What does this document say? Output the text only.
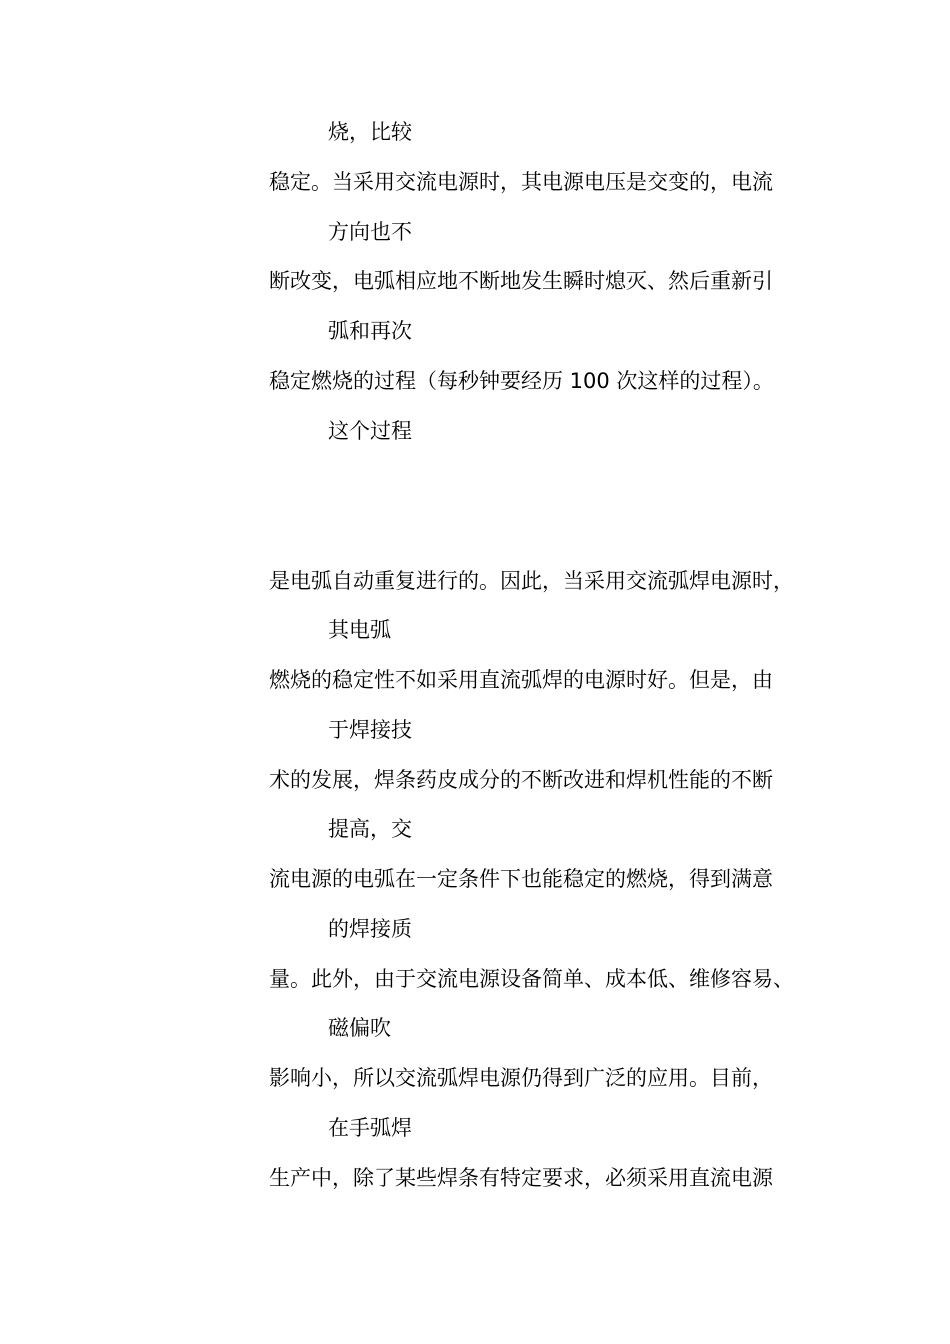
烧，比较
稳定。当采用交流电源时，其电源电压是交变的，电流
方向也不
断改变，电弧相应地不断地发生瞬时熄灭、然后重新引
弧和再次
稳定燃烧的过程（每秒钟要经历 100 次这样的过程）。
这个过程
是电弧自动重复进行的。因此，当采用交流弧焊电源时，
其电弧
燃烧的稳定性不如采用直流弧焊的电源时好。但是，由
于焊接技
术的发展，焊条药皮成分的不断改进和焊机性能的不断
提高，交
流电源的电弧在一定条件下也能稳定的燃烧，得到满意
的焊接质
量。此外，由于交流电源设备简单、成本低、维修容易、
磁偏吹
影响小，所以交流弧焊电源仍得到广泛的应用。目前，
在手弧焊
生产中，除了某些焊条有特定要求，必须采用直流电源
